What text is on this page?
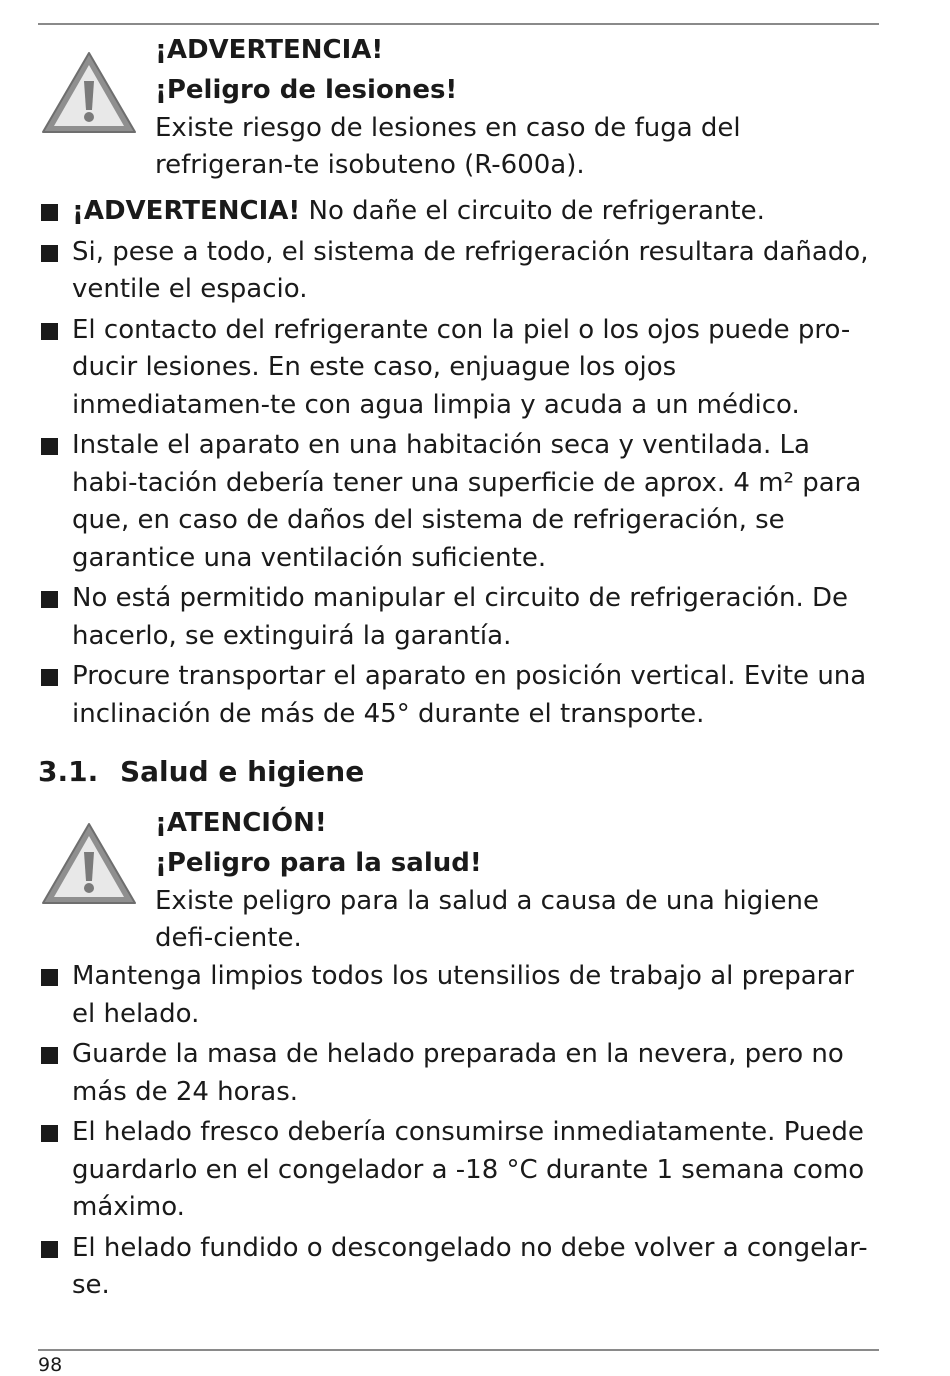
¡ADVERTENCIA!
¡Peligro de lesiones!

Existe riesgo de lesiones en caso de fuga del refrigeran-te isobuteno (R-600a).

¡ADVERTENCIA! No dañe el circuito de refrigerante.
Si, pese a todo, el sistema de refrigeración resultara dañado, ventile el espacio.
El contacto del refrigerante con la piel o los ojos puede pro-ducir lesiones. En este caso, enjuague los ojos inmediatamen-te con agua limpia y acuda a un médico.
Instale el aparato en una habitación seca y ventilada. La habi-tación debería tener una superficie de aprox. 4 m² para que, en caso de daños del sistema de refrigeración, se garantice una ventilación suficiente.
No está permitido manipular el circuito de refrigeración. De hacerlo, se extinguirá la garantía.
Procure transportar el aparato en posición vertical. Evite una inclinación de más de 45° durante el transporte.
3.1. Salud e higiene
¡ATENCIÓN!
¡Peligro para la salud!

Existe peligro para la salud a causa de una higiene defi-ciente.

Mantenga limpios todos los utensilios de trabajo al preparar el helado.
Guarde la masa de helado preparada en la nevera, pero no más de 24 horas.
El helado fresco debería consumirse inmediatamente. Puede guardarlo en el congelador a -18 °C durante 1 semana como máximo.
El helado fundido o descongelado no debe volver a congelar-se.
98
